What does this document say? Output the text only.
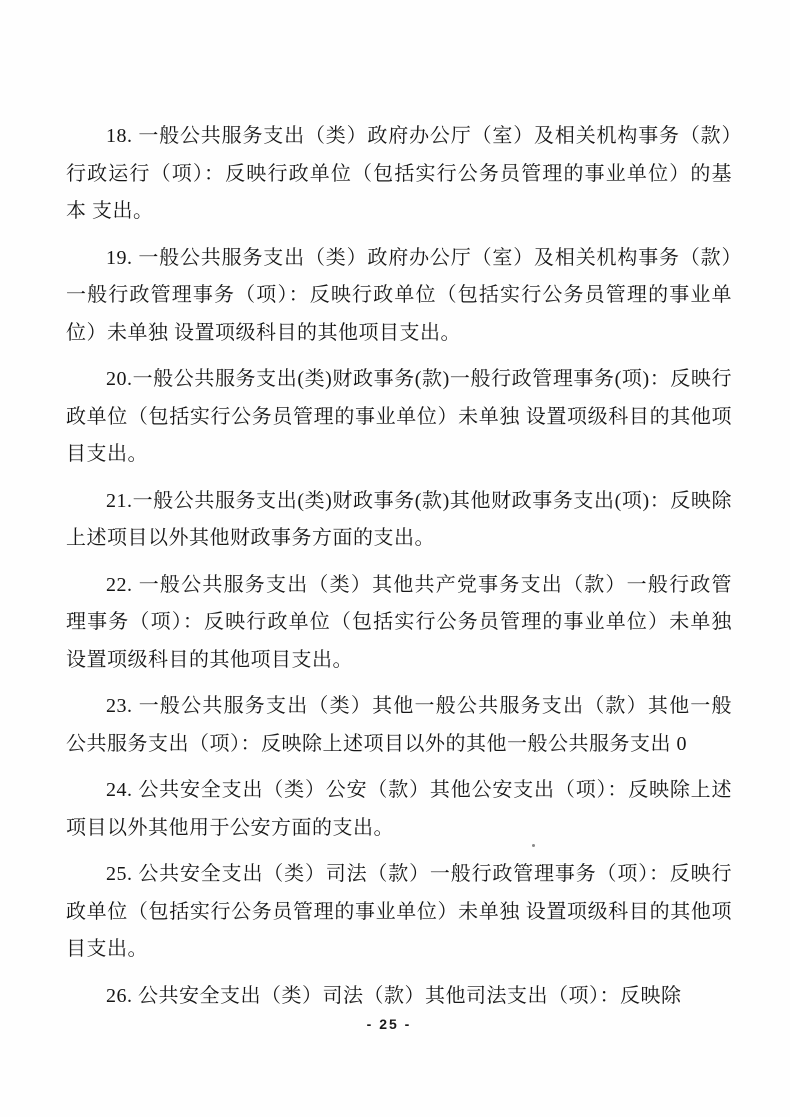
18. 一般公共服务支出（类）政府办公厅（室）及相关机构事务（款）行政运行（项）：反映行政单位（包括实行公务员管理的事业单位）的基本 支出。

19. 一般公共服务支出（类）政府办公厅（室）及相关机构事务（款）一般行政管理事务（项）：反映行政单位（包括实行公务员管理的事业单位）未单独 设置项级科目的其他项目支出。

20.一般公共服务支出(类)财政事务(款)一般行政管理事务(项)：反映行政单位（包括实行公务员管理的事业单位）未单独 设置项级科目的其他项目支出。

21.一般公共服务支出(类)财政事务(款)其他财政事务支出(项)：反映除上述项目以外其他财政事务方面的支出。

22. 一般公共服务支出（类）其他共产党事务支出（款）一般行政管理事务（项）：反映行政单位（包括实行公务员管理的事业单位）未单独 设置项级科目的其他项目支出。

23. 一般公共服务支出（类）其他一般公共服务支出（款）其他一般公共服务支出（项）：反映除上述项目以外的其他一般公共服务支出 0

24. 公共安全支出（类）公安（款）其他公安支出（项）：反映除上述项目以外其他用于公安方面的支出。

25. 公共安全支出（类）司法（款）一般行政管理事务（项）：反映行政单位（包括实行公务员管理的事业单位）未单独 设置项级科目的其他项目支出。

26. 公共安全支出（类）司法（款）其他司法支出（项）：反映除

- 25 -
